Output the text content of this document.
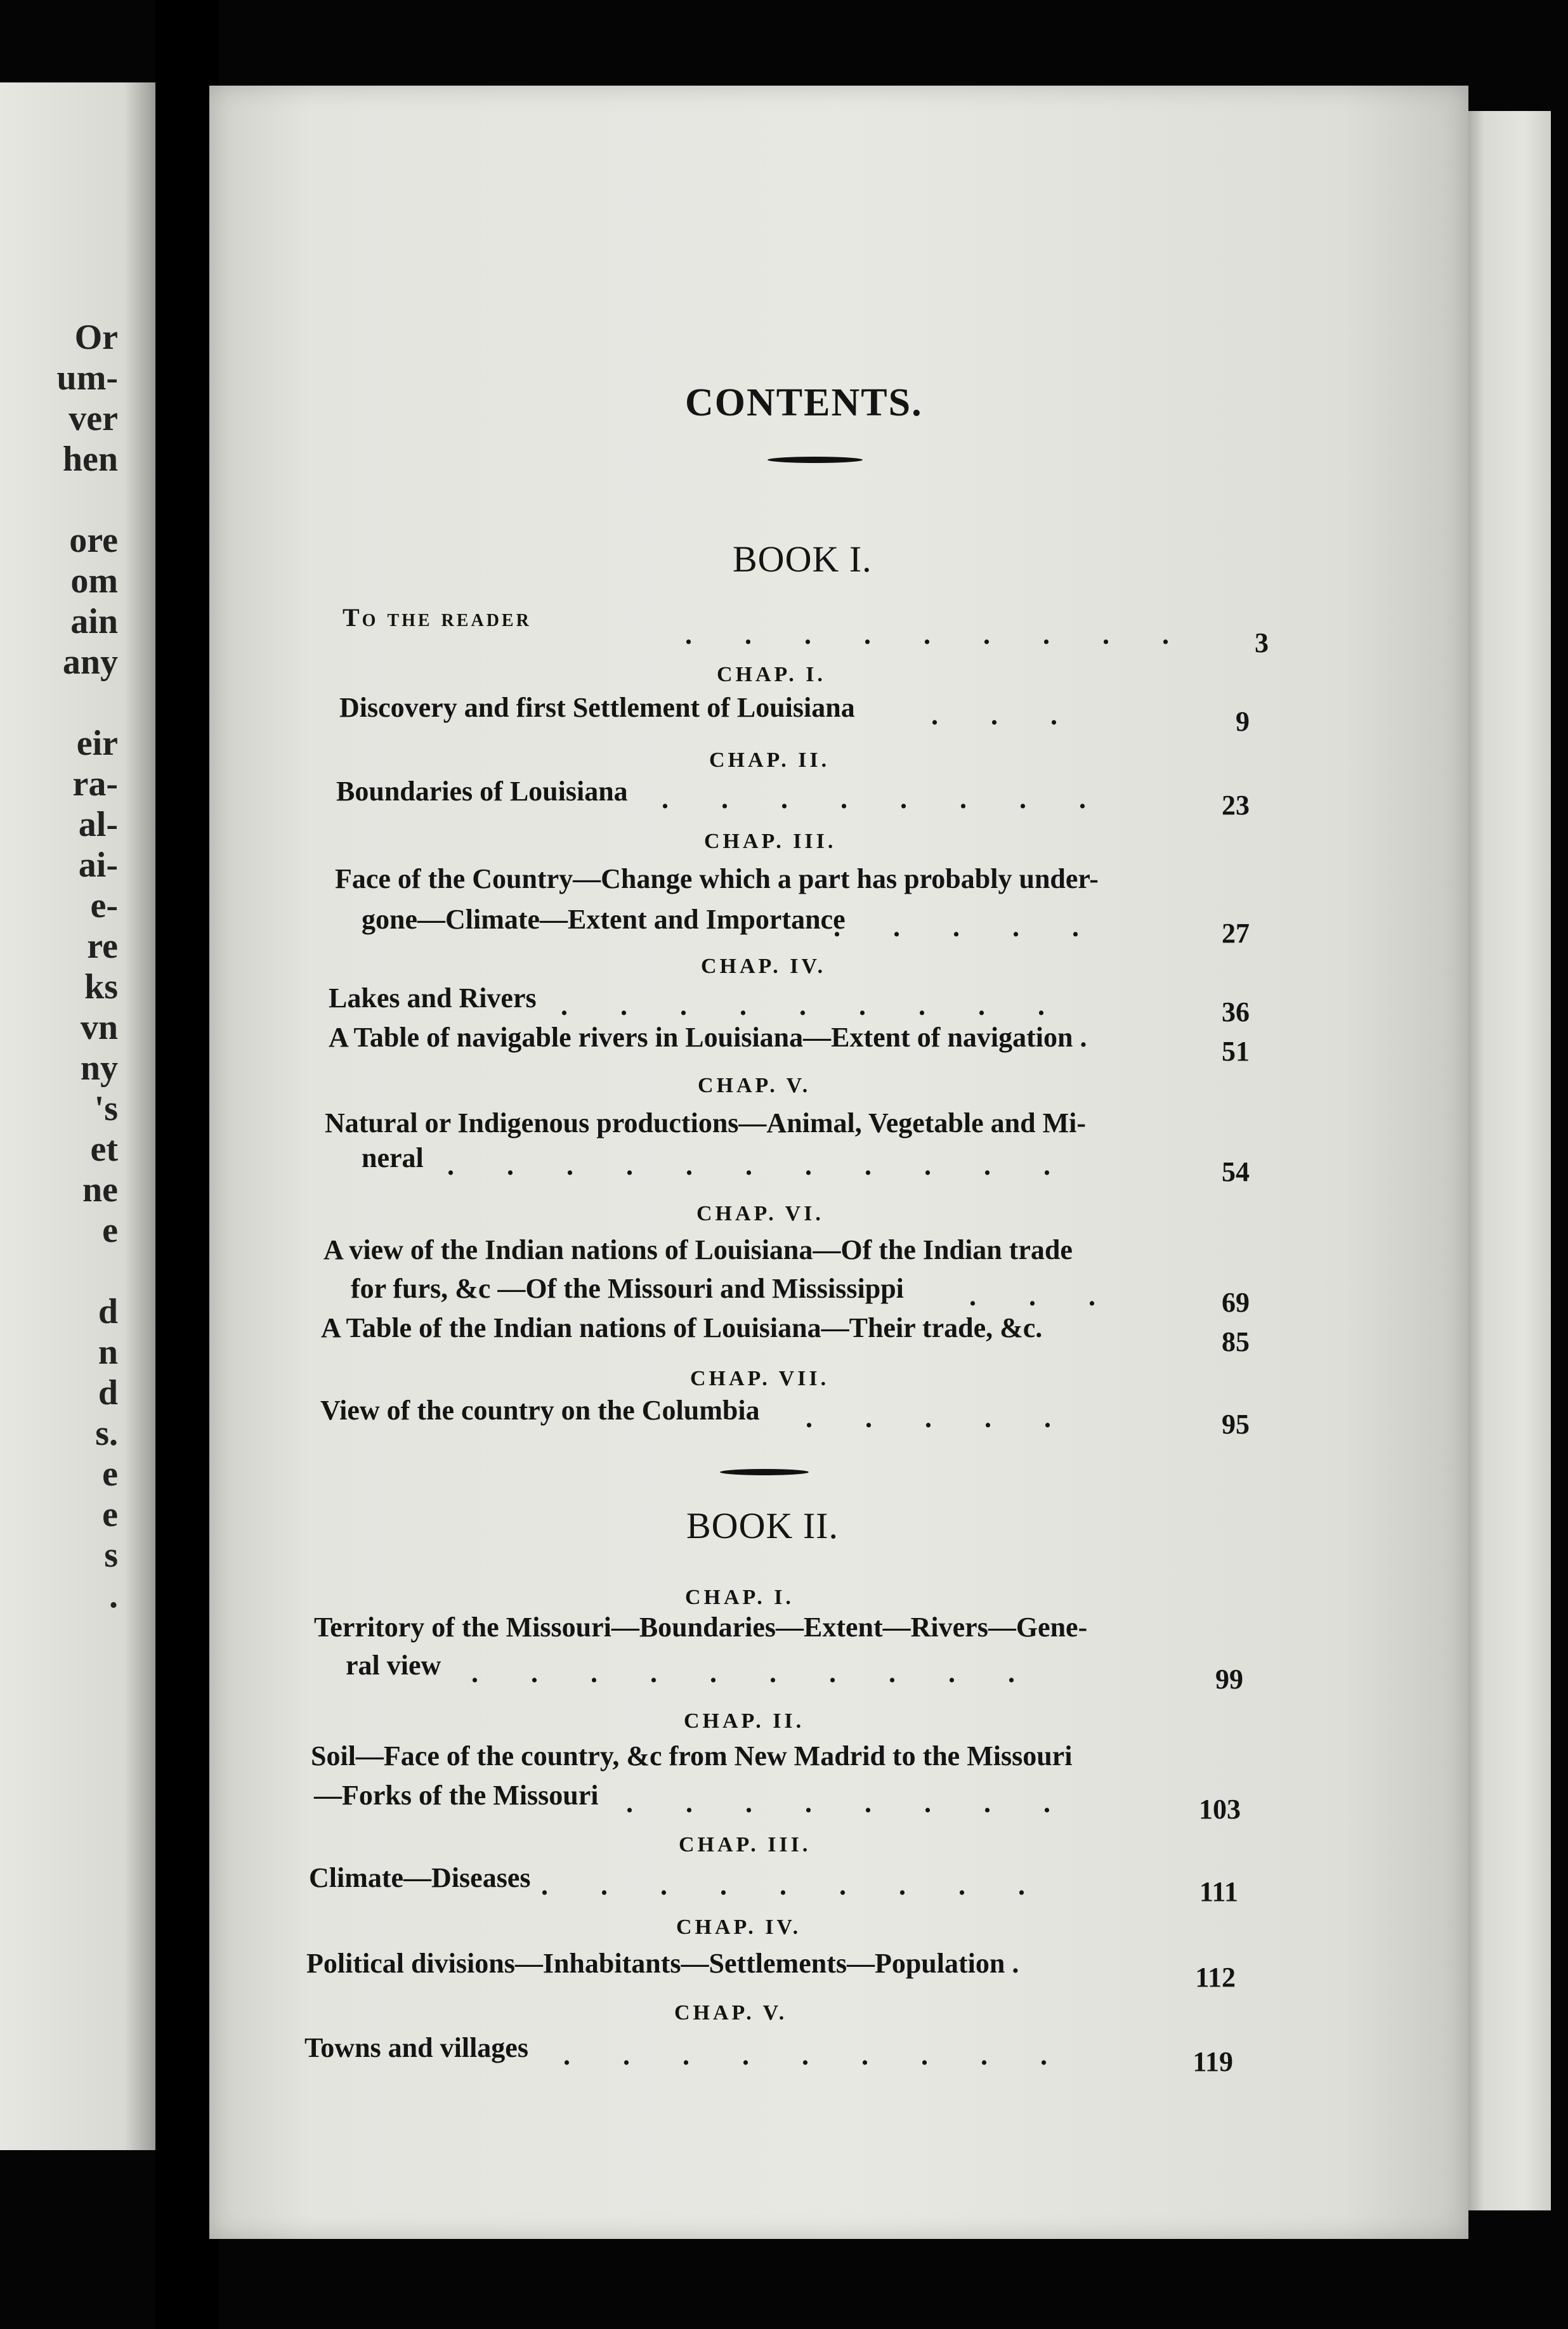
Or
um-
ver
hen
ore
om
ain
any
eir
ra-
al-
ai-
e-
re
ks
vn
ny
's
et
ne
e
d
n
d
s.
e
e
s
.
CONTENTS.
BOOK I.
To the reader
. . . . . . . . .	3
CHAP. I.
Discovery and first Settlement of Louisiana	9
. . .
CHAP. II.
Boundaries of Louisiana	23
. . . . . . . .
CHAP. III.
Face of the Country—Change which a part has probably under-
gone—Climate—Extent and Importance	27
. . . . .
CHAP. IV.
Lakes and Rivers	36
. . . . . . . . .
A Table of navigable rivers in Louisiana—Extent of navigation .	51
CHAP. V.
Natural or Indigenous productions—Animal, Vegetable and Mi-
neral	54
. . . . . . . . . . .
CHAP. VI.
A view of the Indian nations of Louisiana—Of the Indian trade
for furs, &c —Of the Missouri and Mississippi	69
. . .
A Table of the Indian nations of Louisiana—Their trade, &c.	85
CHAP. VII.
View of the country on the Columbia	95
. . . . .
CHAP. I.
Territory of the Missouri—Boundaries—Extent—Rivers—Gene-
ral view	99
. . . . . . . . . .
CHAP. II.
Soil—Face of the country, &c from New Madrid to the Missouri
—Forks of the Missouri	103
. . . . . . . .
CHAP. III.
Climate—Diseases	111
. . . . . . . . .
CHAP. IV.
Political divisions—Inhabitants—Settlements—Population .	112
CHAP. V.
Towns and villages	119
. . . . . . . . .
BOOK II.
